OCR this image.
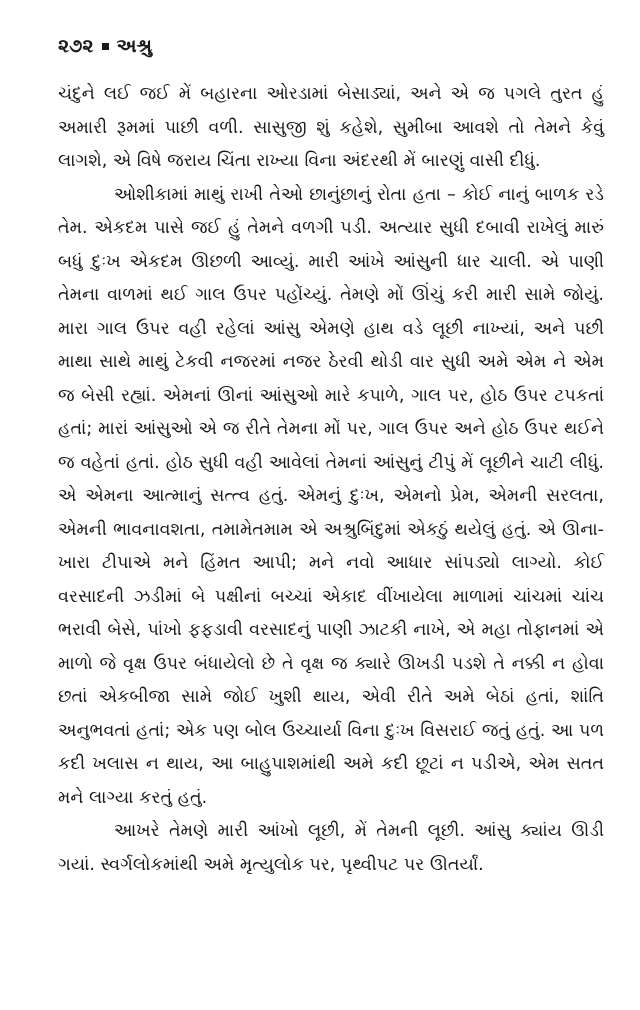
૨૭૨ અશ્રુ

ચંદુને લઈ જઈ મેં બહારના ઓરડામાં બેસાડ્યાં, અને એ જ પગલે તુરત હું અમારી રૂમમાં પાછી વળી. સાસુજી શું કહેશે, સુમીબા આવશે તો તેમને કેવું લાગશે, એ વિષે જરાય ચિંતા રાખ્યા વિના અંદરથી મેં બારણું વાસી દીધું.

ઓશીકામાં માથું રાખી તેઓ છાનુંછાનું રોતા હતા – કોઈ નાનું બાળક રડે તેમ. એકદમ પાસે જઈ હું તેમને વળગી પડી. અત્યાર સુધી દબાવી રાખેલું મારું બધું દુઃખ એકદમ ઊછળી આવ્યું. મારી આંખે આંસુની ધાર ચાલી. એ પાણી તેમના વાળમાં થઈ ગાલ ઉપર પહોંચ્યું. તેમણે મોં ઊંચું કરી મારી સામે જોયું. મારા ગાલ ઉપર વહી રહેલાં આંસુ એમણે હાથ વડે લૂછી નાખ્યાં, અને પછી માથા સાથે માથું ટેકવી નજરમાં નજર ઠેરવી થોડી વાર સુધી અમે એમ ને એમ જ બેસી રહ્યાં. એમનાં ઊનાં આંસુઓ મારે કપાળે, ગાલ પર, હોઠ ઉપર ટપકતાં હતાં; મારાં આંસુઓ એ જ રીતે તેમના મોં પર, ગાલ ઉપર અને હોઠ ઉપર થઈને જ વહેતાં હતાં. હોઠ સુધી વહી આવેલાં તેમનાં આંસુનું ટીપું મેં લૂછીને ચાટી લીધું. એ એમના આત્માનું સત્ત્વ હતું. એમનું દુઃખ, એમનો પ્રેમ, એમની સરલતા, એમની ભાવનાવશતા, તમામેતમામ એ અશ્રુબિંદુમાં એકઠું થયેલું હતું. એ ઊના-ખારા ટીપાએ મને હિંમત આપી; મને નવો આધાર સાંપડ્યો લાગ્યો. કોઈ વરસાદની ઝડીમાં બે પક્ષીનાં બચ્ચાં એકાદ વીંખાયેલા માળામાં ચાંચમાં ચાંચ ભરાવી બેસે, પાંખો ફફડાવી વરસાદનું પાણી ઝાટકી નાખે, એ મહા તોફાનમાં એ માળો જે વૃક્ષ ઉપર બંધાયેલો છે તે વૃક્ષ જ ક્યારે ઊખડી પડશે તે નક્કી ન હોવા છતાં એકબીજા સામે જોઈ ખુશી થાય, એવી રીતે અમે બેઠાં હતાં, શાંતિ અનુભવતાં હતાં; એક પણ બોલ ઉચ્ચાર્યા વિના દુઃખ વિસરાઈ જતું હતું. આ પળ કદી ખલાસ ન થાય, આ બાહુપાશમાંથી અમે કદી છૂટાં ન પડીએ, એમ સતત મને લાગ્યા કરતું હતું.

આખરે તેમણે મારી આંખો લૂછી, મેં તેમની લૂછી. આંસુ ક્યાંય ઊડી ગયાં. સ્વર્ગલોકમાંથી અમે મૃત્યુલોક પર, પૃથ્વીપટ પર ઊતર્યાં.
